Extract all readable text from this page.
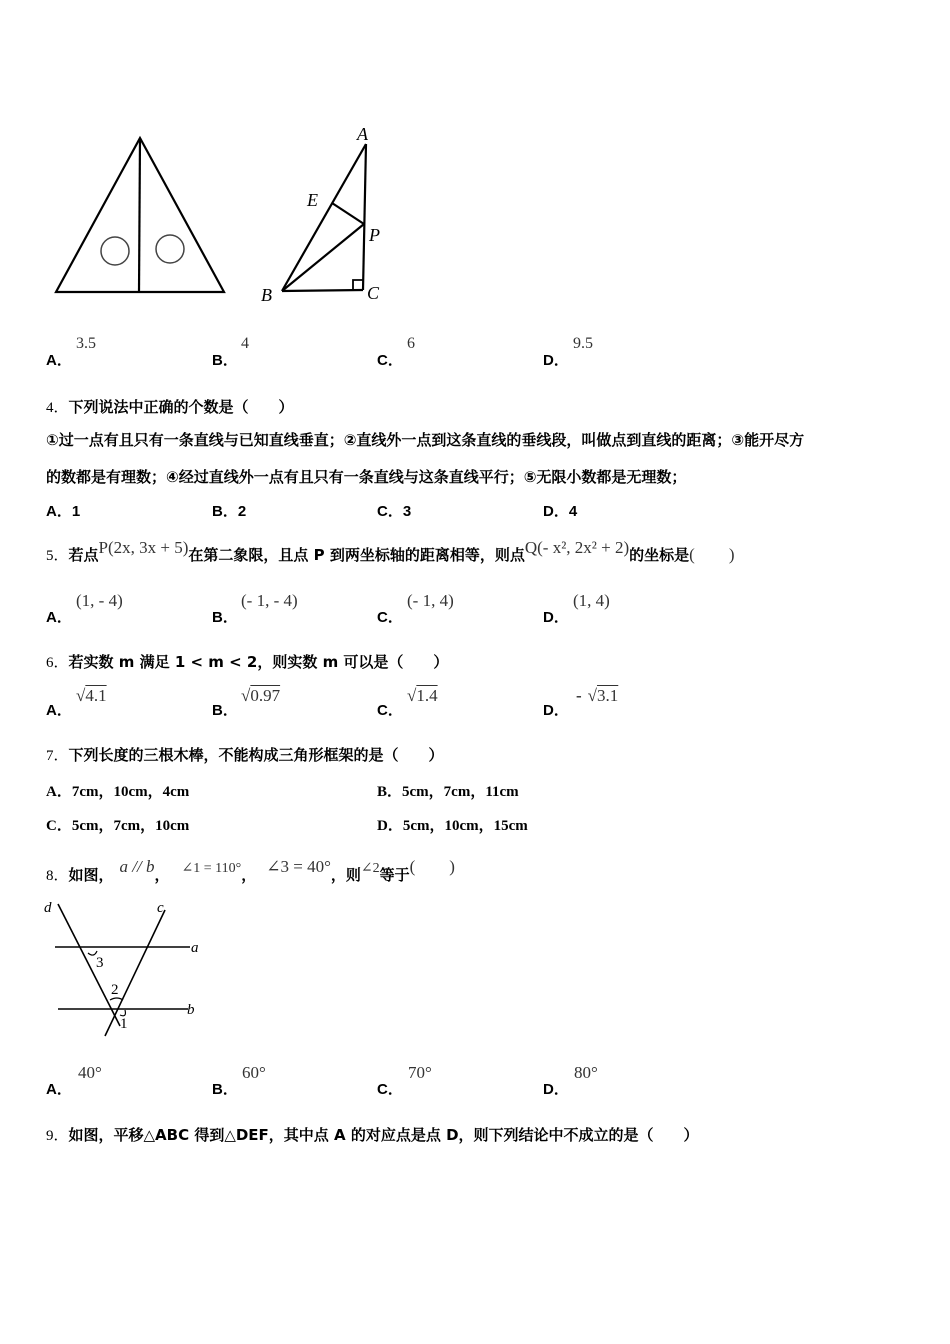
A
E
P
B	C
A．
3.5
B．
4
C．
6
D．
9.5
4．下列说法中正确的个数是（　　）
①过一点有且只有一条直线与已知直线垂直；②直线外一点到这条直线的垂线段，叫做点到直线的距离；③能开尽方
的数都是有理数；④经过直线外一点有且只有一条直线与这条直线平行；⑤无限小数都是无理数；
A．1	B．2	C．3	D．4
5．若点P(2x, 3x + 5)在第二象限，且点 P 到两坐标轴的距离相等，则点Q(- x², 2x² + 2)的坐标是(　　)
A．
(1, - 4)
B．
(- 1, - 4)
C．
(- 1, 4)
D．
(1, 4)
6．若实数 m 满足 1 < m < 2，则实数 m 可以是（　　）
A．
√4.1
B．
√0.97
C．
√1.4
D．
- √3.1
7．下列长度的三根木棒，不能构成三角形框架的是（　　）
A．7cm，10cm，4cm	B．5cm，7cm，11cm
C．5cm，7cm，10cm	D．5cm，10cm，15cm
8．如图， a // b， ∠1 = 110°， ∠3 = 40°，则∠2等于(　　)
d	c
a
b
3
2
1
A．
40°
B．
60°
C．
70°
D．
80°
9．如图，平移△ABC 得到△DEF，其中点 A 的对应点是点 D，则下列结论中不成立的是（　　）
